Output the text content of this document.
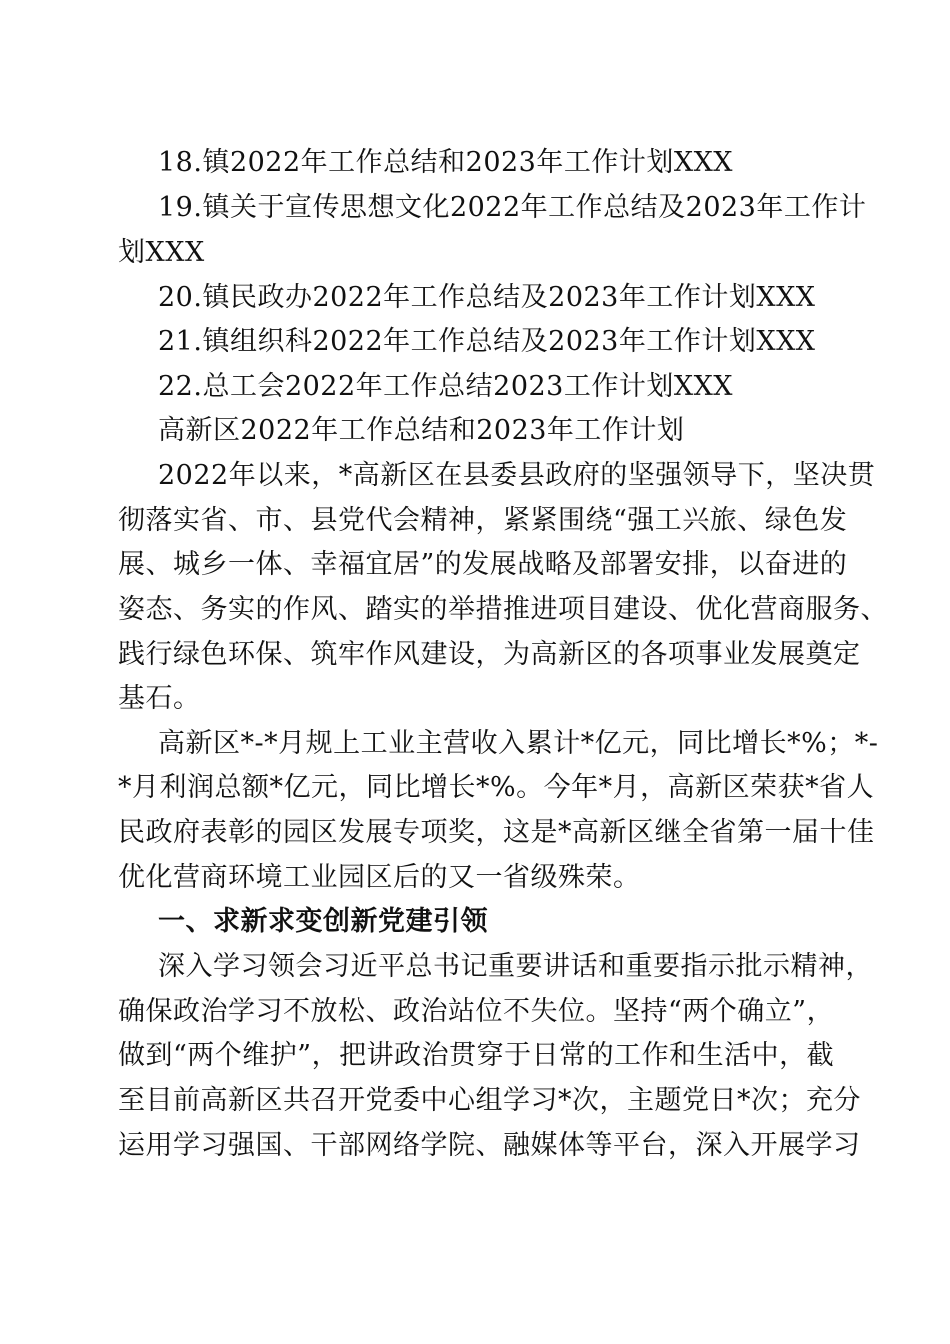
18.镇2022年工作总结和2023年工作计划XXX
19.镇关于宣传思想文化2022年工作总结及2023年工作计
划XXX
20.镇民政办2022年工作总结及2023年工作计划XXX
21.镇组织科2022年工作总结及2023年工作计划XXX
22.总工会2022年工作总结2023工作计划XXX
高新区2022年工作总结和2023年工作计划
2022年以来，*高新区在县委县政府的坚强领导下，坚决贯
彻落实省、市、县党代会精神，紧紧围绕“强工兴旅、绿色发
展、城乡一体、幸福宜居”的发展战略及部署安排，以奋进的
姿态、务实的作风、踏实的举措推进项目建设、优化营商服务、
践行绿色环保、筑牢作风建设，为高新区的各项事业发展奠定
基石。
高新区*-*月规上工业主营收入累计*亿元，同比增长*%；*-
*月利润总额*亿元，同比增长*%。今年*月，高新区荣获*省人
民政府表彰的园区发展专项奖，这是*高新区继全省第一届十佳
优化营商环境工业园区后的又一省级殊荣。
一、求新求变创新党建引领
深入学习领会习近平总书记重要讲话和重要指示批示精神，
确保政治学习不放松、政治站位不失位。坚持“两个确立”，
做到“两个维护”，把讲政治贯穿于日常的工作和生活中，截
至目前高新区共召开党委中心组学习*次，主题党日*次；充分
运用学习强国、干部网络学院、融媒体等平台，深入开展学习
